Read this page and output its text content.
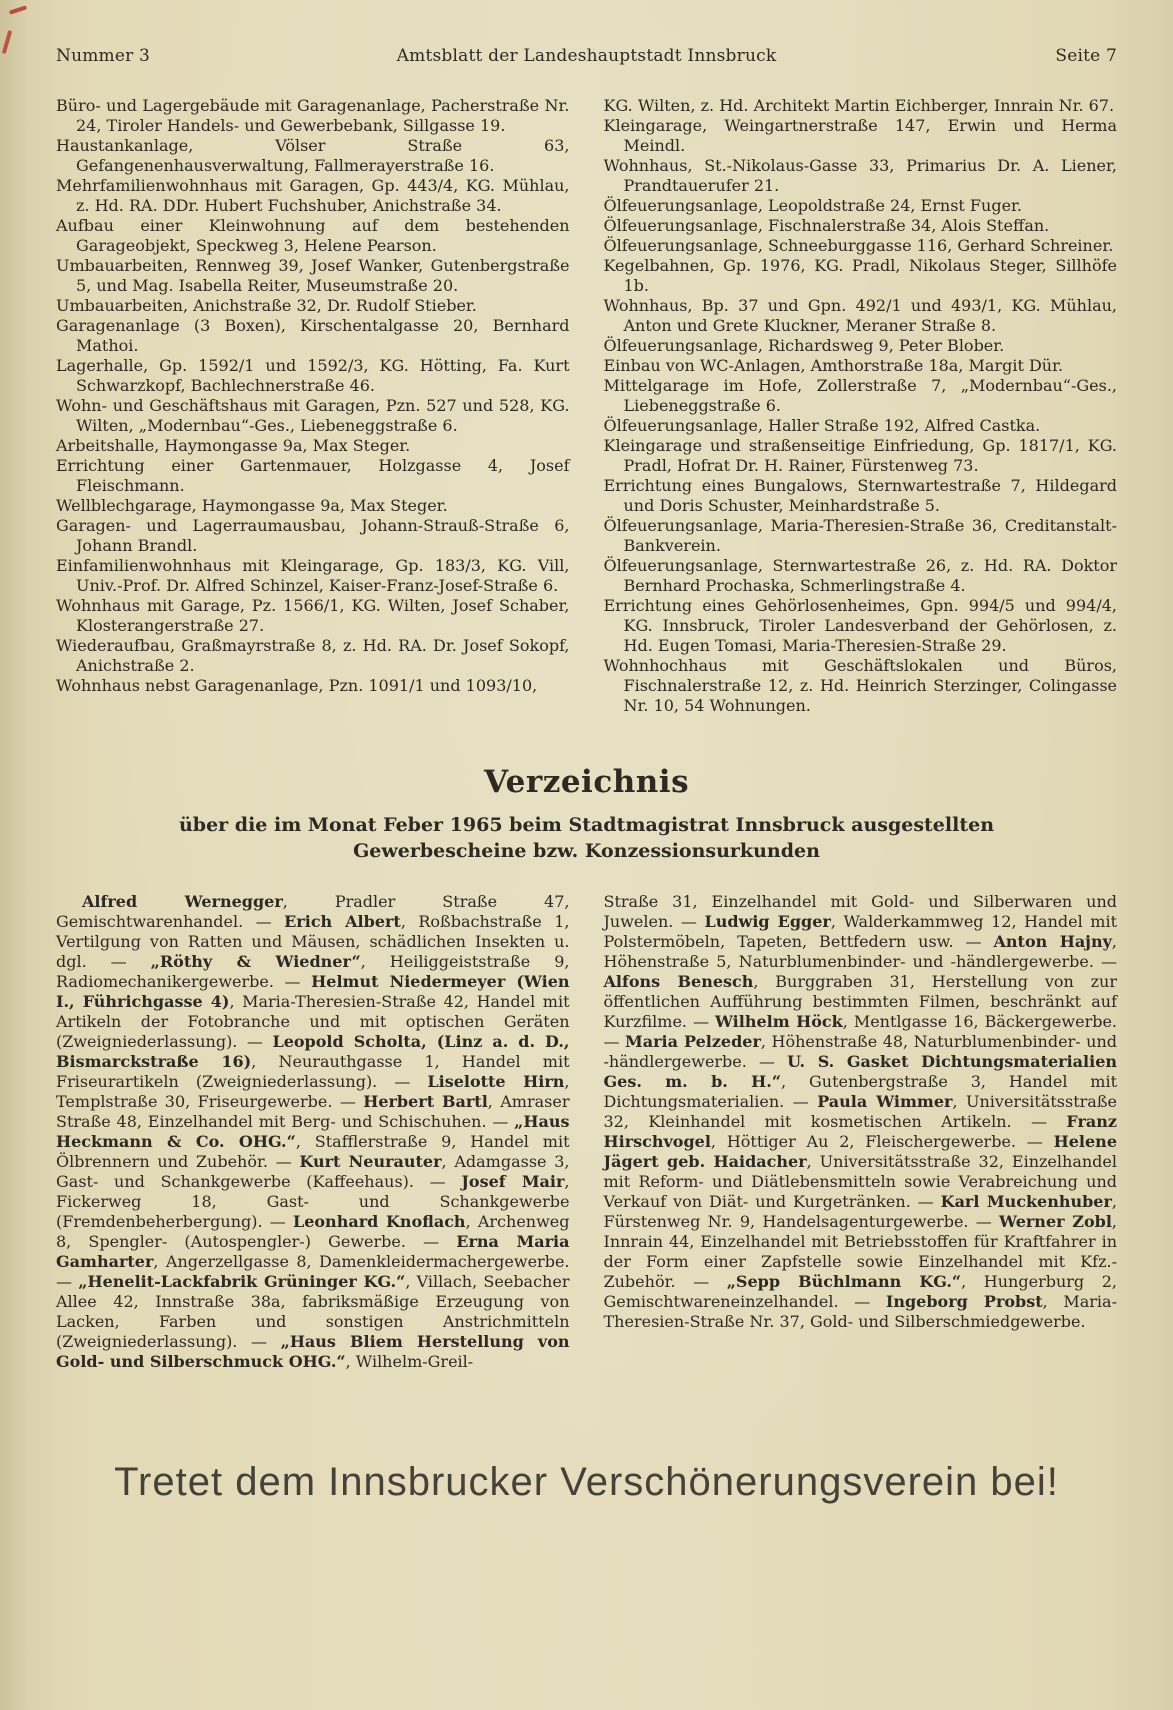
Nummer 3	Amtsblatt der Landeshauptstadt Innsbruck	Seite 7

Büro- und Lagergebäude mit Garagenanlage, Pacherstraße Nr. 24, Tiroler Handels- und Gewerbebank, Sillgasse 19.

Haustankanlage, Völser Straße 63, Gefangenenhausverwaltung, Fallmerayerstraße 16.

Mehrfamilienwohnhaus mit Garagen, Gp. 443/4, KG. Mühlau, z. Hd. RA. DDr. Hubert Fuchshuber, Anichstraße 34.

Aufbau einer Kleinwohnung auf dem bestehenden Garageobjekt, Speckweg 3, Helene Pearson.

Umbauarbeiten, Rennweg 39, Josef Wanker, Gutenbergstraße 5, und Mag. Isabella Reiter, Museumstraße 20.

Umbauarbeiten, Anichstraße 32, Dr. Rudolf Stieber.

Garagenanlage (3 Boxen), Kirschentalgasse 20, Bernhard Mathoi.

Lagerhalle, Gp. 1592/1 und 1592/3, KG. Hötting, Fa. Kurt Schwarzkopf, Bachlechnerstraße 46.

Wohn- und Geschäftshaus mit Garagen, Pzn. 527 und 528, KG. Wilten, „Modernbau“-Ges., Liebeneggstraße 6.

Arbeitshalle, Haymongasse 9a, Max Steger.

Errichtung einer Gartenmauer, Holzgasse 4, Josef Fleischmann.

Wellblechgarage, Haymongasse 9a, Max Steger.

Garagen- und Lagerraumausbau, Johann-Strauß-Straße 6, Johann Brandl.

Einfamilienwohnhaus mit Kleingarage, Gp. 183/3, KG. Vill, Univ.-Prof. Dr. Alfred Schinzel, Kaiser-Franz-Josef-Straße 6.

Wohnhaus mit Garage, Pz. 1566/1, KG. Wilten, Josef Schaber, Klosterangerstraße 27.

Wiederaufbau, Graßmayrstraße 8, z. Hd. RA. Dr. Josef Sokopf, Anichstraße 2.

Wohnhaus nebst Garagenanlage, Pzn. 1091/1 und 1093/10,

KG. Wilten, z. Hd. Architekt Martin Eichberger, Innrain Nr. 67.

Kleingarage, Weingartnerstraße 147, Erwin und Herma Meindl.

Wohnhaus, St.-Nikolaus-Gasse 33, Primarius Dr. A. Liener, Prandtauerufer 21.

Ölfeuerungsanlage, Leopoldstraße 24, Ernst Fuger.

Ölfeuerungsanlage, Fischnalerstraße 34, Alois Steffan.

Ölfeuerungsanlage, Schneeburggasse 116, Gerhard Schreiner.

Kegelbahnen, Gp. 1976, KG. Pradl, Nikolaus Steger, Sillhöfe 1b.

Wohnhaus, Bp. 37 und Gpn. 492/1 und 493/1, KG. Mühlau, Anton und Grete Kluckner, Meraner Straße 8.

Ölfeuerungsanlage, Richardsweg 9, Peter Blober.

Einbau von WC-Anlagen, Amthorstraße 18a, Margit Dür.

Mittelgarage im Hofe, Zollerstraße 7, „Modernbau“-Ges., Liebeneggstraße 6.

Ölfeuerungsanlage, Haller Straße 192, Alfred Castka.

Kleingarage und straßenseitige Einfriedung, Gp. 1817/1, KG. Pradl, Hofrat Dr. H. Rainer, Fürstenweg 73.

Errichtung eines Bungalows, Sternwartestraße 7, Hildegard und Doris Schuster, Meinhardstraße 5.

Ölfeuerungsanlage, Maria-Theresien-Straße 36, Creditanstalt-Bankverein.

Ölfeuerungsanlage, Sternwartestraße 26, z. Hd. RA. Doktor Bernhard Prochaska, Schmerlingstraße 4.

Errichtung eines Gehörlosenheimes, Gpn. 994/5 und 994/4, KG. Innsbruck, Tiroler Landesverband der Gehörlosen, z. Hd. Eugen Tomasi, Maria-Theresien-Straße 29.

Wohnhochhaus mit Geschäftslokalen und Büros, Fischnalerstraße 12, z. Hd. Heinrich Sterzinger, Colingasse Nr. 10, 54 Wohnungen.

Verzeichnis
über die im Monat Feber 1965 beim Stadtmagistrat Innsbruck ausgestellten
Gewerbescheine bzw. Konzessionsurkunden
Alfred Wernegger, Pradler Straße 47, Gemischtwarenhandel. — Erich Albert, Roßbachstraße 1, Vertilgung von Ratten und Mäusen, schädlichen Insekten u. dgl. — „Röthy & Wiedner“, Heiliggeiststraße 9, Radiomechanikergewerbe. — Helmut Niedermeyer (Wien I., Führichgasse 4), Maria-Theresien-Straße 42, Handel mit Artikeln der Fotobranche und mit optischen Geräten (Zweigniederlassung). — Leopold Scholta, (Linz a. d. D., Bismarckstraße 16), Neurauthgasse 1, Handel mit Friseurartikeln (Zweigniederlassung). — Liselotte Hirn, Templstraße 30, Friseurgewerbe. — Herbert Bartl, Amraser Straße 48, Einzelhandel mit Berg- und Schischuhen. — „Haus Heckmann & Co. OHG.“, Stafflerstraße 9, Handel mit Ölbrennern und Zubehör. — Kurt Neurauter, Adamgasse 3, Gast- und Schankgewerbe (Kaffeehaus). — Josef Mair, Fickerweg 18, Gast- und Schankgewerbe (Fremdenbeherbergung). — Leonhard Knoflach, Archenweg 8, Spengler- (Autospengler-) Gewerbe. — Erna Maria Gamharter, Angerzellgasse 8, Damenkleidermachergewerbe. — „Henelit-Lackfabrik Grüninger KG.“, Villach, Seebacher Allee 42, Innstraße 38a, fabriksmäßige Erzeugung von Lacken, Farben und sonstigen Anstrichmitteln (Zweigniederlassung). — „Haus Bliem Herstellung von Gold- und Silberschmuck OHG.“, Wilhelm-Greil-
Straße 31, Einzelhandel mit Gold- und Silberwaren und Juwelen. — Ludwig Egger, Walderkammweg 12, Handel mit Polstermöbeln, Tapeten, Bettfedern usw. — Anton Hajny, Höhenstraße 5, Naturblumenbinder- und -händlergewerbe. — Alfons Benesch, Burggraben 31, Herstellung von zur öffentlichen Aufführung bestimmten Filmen, beschränkt auf Kurzfilme. — Wilhelm Höck, Mentlgasse 16, Bäckergewerbe. — Maria Pelzeder, Höhenstraße 48, Naturblumenbinder- und -händlergewerbe. — U. S. Gasket Dichtungsmaterialien Ges. m. b. H.“, Gutenbergstraße 3, Handel mit Dichtungsmaterialien. — Paula Wimmer, Universitätsstraße 32, Kleinhandel mit kosmetischen Artikeln. — Franz Hirschvogel, Höttiger Au 2, Fleischergewerbe. — Helene Jägert geb. Haidacher, Universitätsstraße 32, Einzelhandel mit Reform- und Diätlebensmitteln sowie Verabreichung und Verkauf von Diät- und Kurgetränken. — Karl Muckenhuber, Fürstenweg Nr. 9, Handelsagenturgewerbe. — Werner Zobl, Innrain 44, Einzelhandel mit Betriebsstoffen für Kraftfahrer in der Form einer Zapfstelle sowie Einzelhandel mit Kfz.-Zubehör. — „Sepp Büchlmann KG.“, Hungerburg 2, Gemischtwareneinzelhandel. — Ingeborg Probst, Maria-Theresien-Straße Nr. 37, Gold- und Silberschmiedgewerbe.
Tretet dem Innsbrucker Verschönerungsverein bei!
